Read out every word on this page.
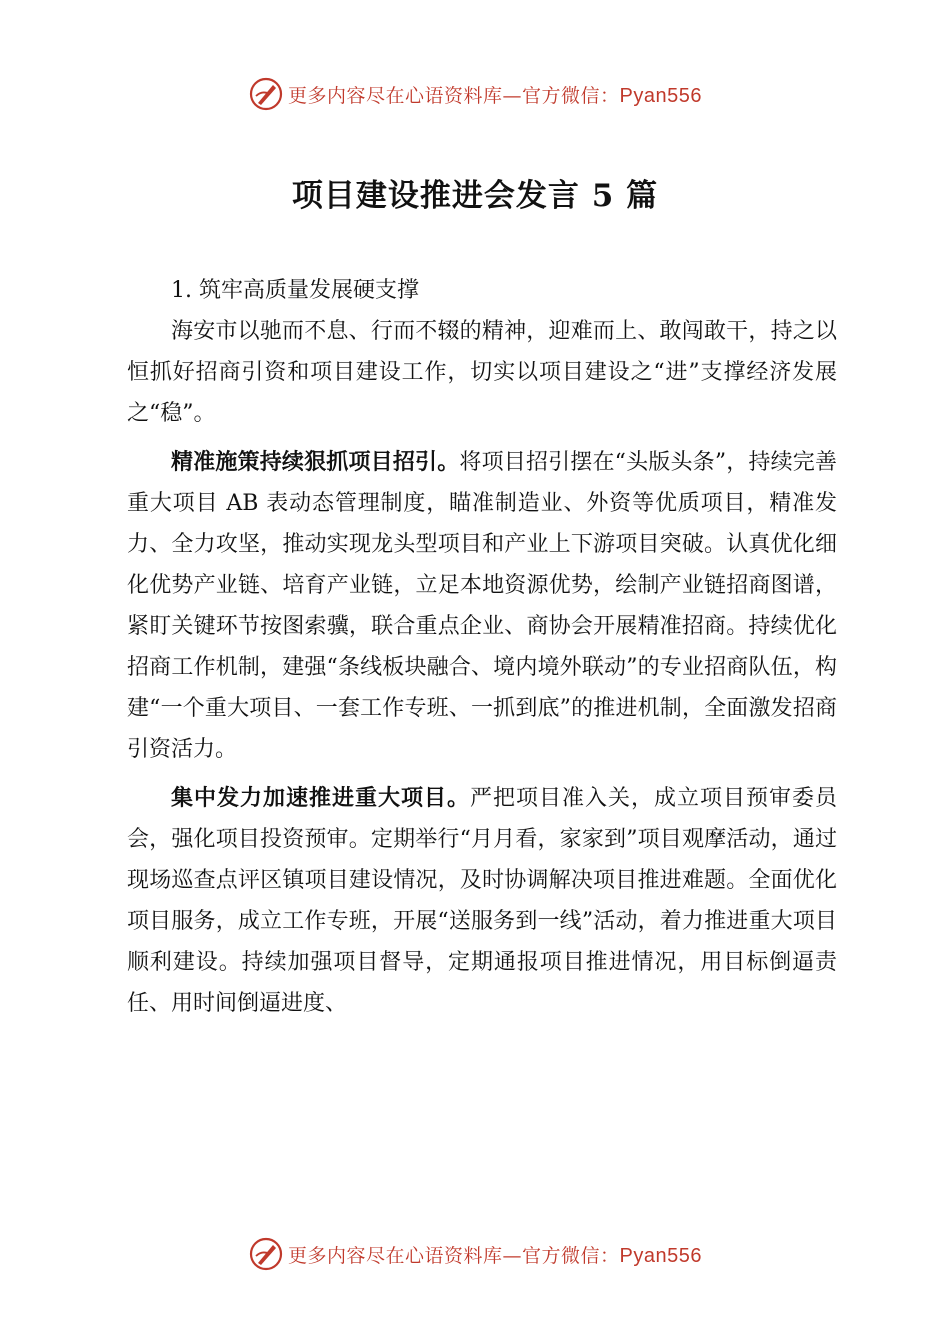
更多内容尽在心语资料库—官方微信：Pyan556
项目建设推进会发言 5 篇

1. 筑牢高质量发展硬支撑

海安市以驰而不息、行而不辍的精神，迎难而上、敢闯敢干，持之以恒抓好招商引资和项目建设工作，切实以项目建设之“进”支撑经济发展之“稳”。

精准施策持续狠抓项目招引。将项目招引摆在“头版头条”，持续完善重大项目 AB 表动态管理制度，瞄准制造业、外资等优质项目，精准发力、全力攻坚，推动实现龙头型项目和产业上下游项目突破。认真优化细化优势产业链、培育产业链，立足本地资源优势，绘制产业链招商图谱，紧盯关键环节按图索骥，联合重点企业、商协会开展精准招商。持续优化招商工作机制，建强“条线板块融合、境内境外联动”的专业招商队伍，构建“一个重大项目、一套工作专班、一抓到底”的推进机制，全面激发招商引资活力。

集中发力加速推进重大项目。严把项目准入关，成立项目预审委员会，强化项目投资预审。定期举行“月月看，家家到”项目观摩活动，通过现场巡查点评区镇项目建设情况，及时协调解决项目推进难题。全面优化项目服务，成立工作专班，开展“送服务到一线”活动，着力推进重大项目顺利建设。持续加强项目督导，定期通报项目推进情况，用目标倒逼责任、用时间倒逼进度、

更多内容尽在心语资料库—官方微信：Pyan556
